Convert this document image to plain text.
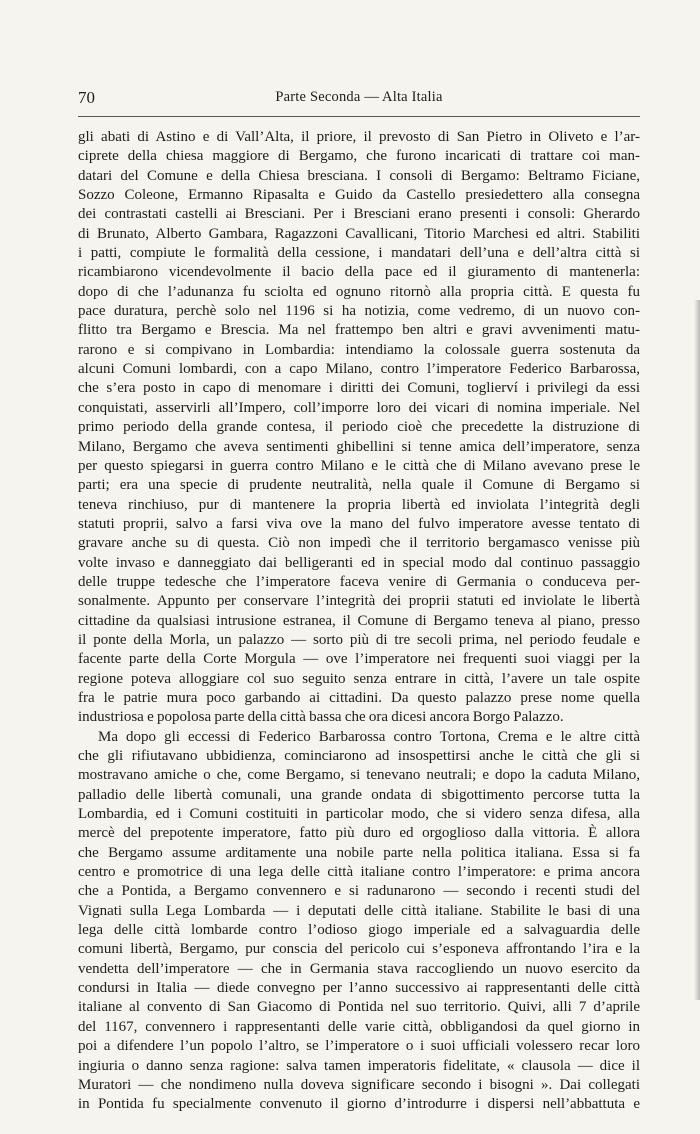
70	Parte Seconda — Alta Italia
gli abati di Astino e di Vall’Alta, il priore, il prevosto di San Pietro in Oliveto e l’ar-
ciprete della chiesa maggiore di Bergamo, che furono incaricati di trattare coi man-
datari del Comune e della Chiesa bresciana. I consoli di Bergamo: Beltramo Ficiane,
Sozzo Coleone, Ermanno Ripasalta e Guido da Castello presiedettero alla consegna
dei contrastati castelli ai Bresciani. Per i Bresciani erano presenti i consoli: Gherardo
di Brunato, Alberto Gambara, Ragazzoni Cavallicani, Titorio Marchesi ed altri. Stabiliti
i patti, compiute le formalità della cessione, i mandatari dell’una e dell’altra città si
ricambiarono vicendevolmente il bacio della pace ed il giuramento di mantenerla:
dopo di che l’adunanza fu sciolta ed ognuno ritornò alla propria città. E questa fu
pace duratura, perchè solo nel 1196 si ha notizia, come vedremo, di un nuovo con-
flitto tra Bergamo e Brescia. Ma nel frattempo ben altri e gravi avvenimenti matu-
rarono e si compivano in Lombardia: intendiamo la colossale guerra sostenuta da
alcuni Comuni lombardi, con a capo Milano, contro l’imperatore Federico Barbarossa,
che s’era posto in capo di menomare i diritti dei Comuni, toglierví i privilegi da essi
conquistati, asservirli all’Impero, coll’imporre loro dei vicari di nomina imperiale. Nel
primo periodo della grande contesa, il periodo cioè che precedette la distruzione di
Milano, Bergamo che aveva sentimenti ghibellini si tenne amica dell’imperatore, senza
per questo spiegarsi in guerra contro Milano e le città che di Milano avevano prese le
parti; era una specie di prudente neutralità, nella quale il Comune di Bergamo si
teneva rinchiuso, pur di mantenere la propria libertà ed inviolata l’integrità degli
statuti proprii, salvo a farsi viva ove la mano del fulvo imperatore avesse tentato di
gravare anche su di questa. Ciò non impedì che il territorio bergamasco venisse più
volte invaso e danneggiato dai belligeranti ed in special modo dal continuo passaggio
delle truppe tedesche che l’imperatore faceva venire di Germania o conduceva per-
sonalmente. Appunto per conservare l’integrità dei proprii statuti ed inviolate le libertà
cittadine da qualsiasi intrusione estranea, il Comune di Bergamo teneva al piano, presso
il ponte della Morla, un palazzo — sorto più di tre secoli prima, nel periodo feudale e
facente parte della Corte Morgula — ove l’imperatore nei frequenti suoi viaggi per la
regione poteva alloggiare col suo seguito senza entrare in città, l’avere un tale ospite
fra le patrie mura poco garbando ai cittadini. Da questo palazzo prese nome quella
industriosa e popolosa parte della città bassa che ora dicesi ancora Borgo Palazzo.
Ma dopo gli eccessi di Federico Barbarossa contro Tortona, Crema e le altre città
che gli rifiutavano ubbidienza, cominciarono ad insospettirsi anche le città che gli si
mostravano amiche o che, come Bergamo, si tenevano neutrali; e dopo la caduta Milano,
palladio delle libertà comunali, una grande ondata di sbigottimento percorse tutta la
Lombardia, ed i Comuni costituiti in particolar modo, che si videro senza difesa, alla
mercè del prepotente imperatore, fatto più duro ed orgoglioso dalla vittoria. È allora
che Bergamo assume arditamente una nobile parte nella politica italiana. Essa si fa
centro e promotrice di una lega delle città italiane contro l’imperatore: e prima ancora
che a Pontida, a Bergamo convennero e si radunarono — secondo i recenti studi del
Vignati sulla Lega Lombarda — i deputati delle città italiane. Stabilite le basi di una
lega delle città lombarde contro l’odioso giogo imperiale ed a salvaguardia delle
comuni libertà, Bergamo, pur conscia del pericolo cui s’esponeva affrontando l’ira e la
vendetta dell’imperatore — che in Germania stava raccogliendo un nuovo esercito da
condursi in Italia — diede convegno per l’anno successivo ai rappresentanti delle città
italiane al convento di San Giacomo di Pontida nel suo territorio. Quivi, alli 7 d’aprile
del 1167, convennero i rappresentanti delle varie città, obbligandosi da quel giorno in
poi a difendere l’un popolo l’altro, se l’imperatore o i suoi ufficiali volessero recar loro
ingiuria o danno senza ragione: salva tamen imperatoris fidelitate, « clausola — dice il
Muratori — che nondimeno nulla doveva significare secondo i bisogni ». Dai collegati
in Pontida fu specialmente convenuto il giorno d’introdurre i dispersi nell’abbattuta e
